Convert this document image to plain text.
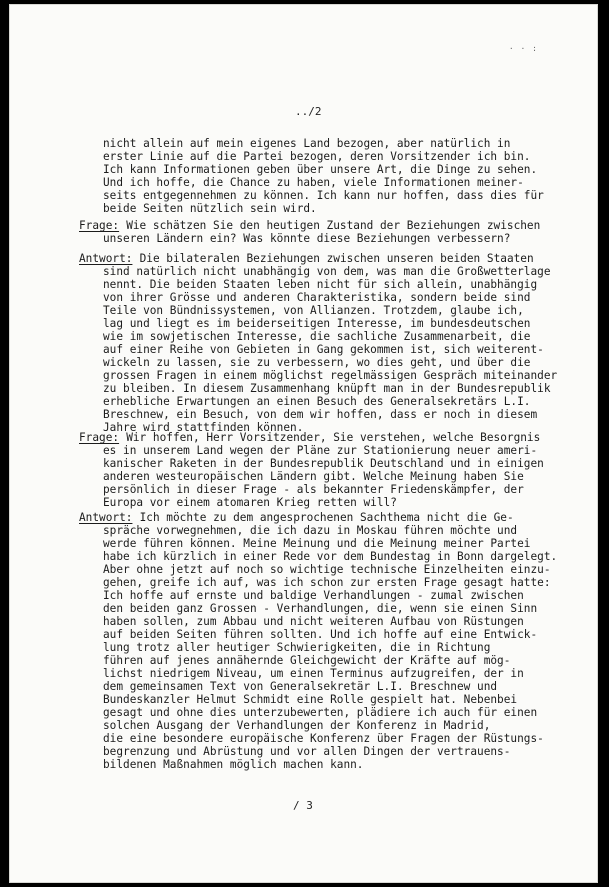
· · :
../2
nicht allein auf mein eigenes Land bezogen, aber natürlich in
erster Linie auf die Partei bezogen, deren Vorsitzender ich bin.
Ich kann Informationen geben über unsere Art, die Dinge zu sehen.
Und ich hoffe, die Chance zu haben, viele Informationen meiner-
seits entgegennehmen zu können. Ich kann nur hoffen, dass dies für
beide Seiten nützlich sein wird.
Frage: Wie schätzen Sie den heutigen Zustand der Beziehungen zwischen
unseren Ländern ein? Was könnte diese Beziehungen verbessern?
Antwort: Die bilateralen Beziehungen zwischen unseren beiden Staaten
sind natürlich nicht unabhängig von dem, was man die Großwetterlage
nennt. Die beiden Staaten leben nicht für sich allein, unabhängig
von ihrer Grösse und anderen Charakteristika, sondern beide sind
Teile von Bündnissystemen, von Allianzen. Trotzdem, glaube ich,
lag und liegt es im beiderseitigen Interesse, im bundesdeutschen
wie im sowjetischen Interesse, die sachliche Zusammenarbeit, die
auf einer Reihe von Gebieten in Gang gekommen ist, sich weiterent-
wickeln zu lassen, sie zu verbessern, wo dies geht, und über die
grossen Fragen in einem möglichst regelmässigen Gespräch miteinander
zu bleiben. In diesem Zusammenhang knüpft man in der Bundesrepublik
erhebliche Erwartungen an einen Besuch des Generalsekretärs L.I.
Breschnew, ein Besuch, von dem wir hoffen, dass er noch in diesem
Jahre wird stattfinden können.
Frage: Wir hoffen, Herr Vorsitzender, Sie verstehen, welche Besorgnis
es in unserem Land wegen der Pläne zur Stationierung neuer ameri-
kanischer Raketen in der Bundesrepublik Deutschland und in einigen
anderen westeuropäischen Ländern gibt. Welche Meinung haben Sie
persönlich in dieser Frage - als bekannter Friedenskämpfer, der
Europa vor einem atomaren Krieg retten will?
Antwort: Ich möchte zu dem angesprochenen Sachthema nicht die Ge-
spräche vorwegnehmen, die ich dazu in Moskau führen möchte und
werde führen können. Meine Meinung und die Meinung meiner Partei
habe ich kürzlich in einer Rede vor dem Bundestag in Bonn dargelegt.
Aber ohne jetzt auf noch so wichtige technische Einzelheiten einzu-
gehen, greife ich auf, was ich schon zur ersten Frage gesagt hatte:
Ich hoffe auf ernste und baldige Verhandlungen - zumal zwischen
den beiden ganz Grossen - Verhandlungen, die, wenn sie einen Sinn
haben sollen, zum Abbau und nicht weiteren Aufbau von Rüstungen
auf beiden Seiten führen sollten. Und ich hoffe auf eine Entwick-
lung trotz aller heutiger Schwierigkeiten, die in Richtung
führen auf jenes annähernde Gleichgewicht der Kräfte auf mög-
lichst niedrigem Niveau, um einen Terminus aufzugreifen, der in
dem gemeinsamen Text von Generalsekretär L.I. Breschnew und
Bundeskanzler Helmut Schmidt eine Rolle gespielt hat. Nebenbei
gesagt und ohne dies unterzubewerten, plädiere ich auch für einen
solchen Ausgang der Verhandlungen der Konferenz in Madrid,
die eine besondere europäische Konferenz über Fragen der Rüstungs-
begrenzung und Abrüstung und vor allen Dingen der vertrauens-
bildenen Maßnahmen möglich machen kann.
/ 3
